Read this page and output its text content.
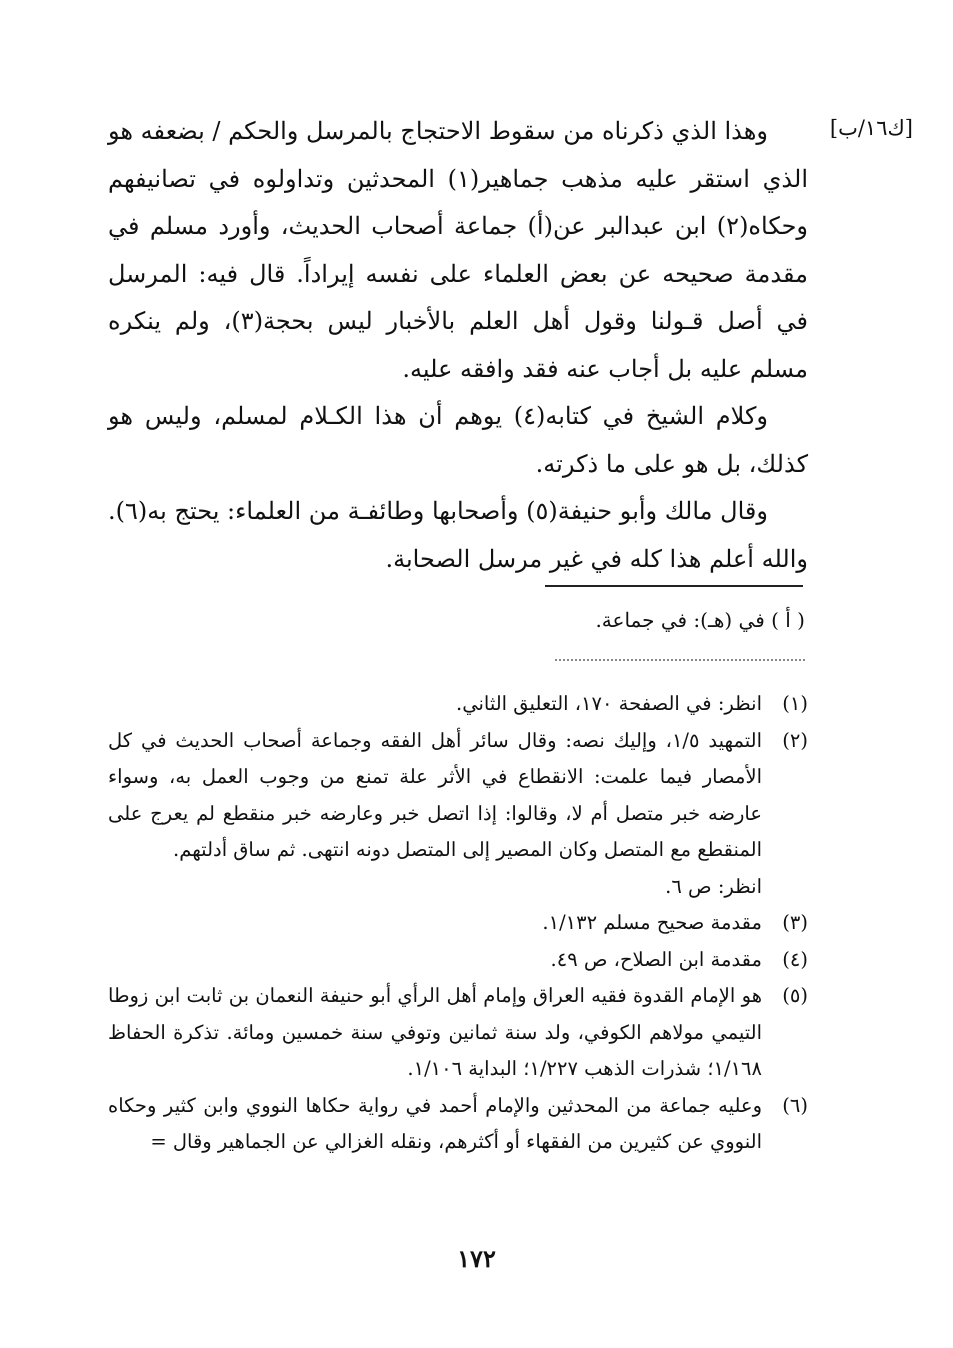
[ك١٦/ب]

وهذا الذي ذكرناه من سقوط الاحتجاج بالمرسل والحكم / بضعفه هو الذي استقر عليه مذهب جماهير(١) المحدثين وتداولوه في تصانيفهم وحكاه(٢) ابن عبدالبر عن(أ) جماعة أصحاب الحديث، وأورد مسلم في مقدمة صحيحه عن بعض العلماء على نفسه إيراداً. قال فيه: المرسل في أصل قـولنا وقول أهل العلم بالأخبار ليس بحجة(٣)، ولم ينكره مسلم عليه بل أجاب عنه فقد وافقه عليه.

وكلام الشيخ في كتابه(٤) يوهم أن هذا الكـلام لمسلم، وليس هو كذلك، بل هو على ما ذكرته.

وقال مالك وأبو حنيفة(٥) وأصحابها وطائفـة من العلماء: يحتج به(٦). والله أعلم هذا كله في غير مرسل الصحابة.

( أ ) في (هـ): في جماعة.
(١)
انظر: في الصفحة ١٧٠، التعليق الثاني.
(٢)
التمهيد ١/٥، وإليك نصه: وقال سائر أهل الفقه وجماعة أصحاب الحديث في كل الأمصار فيما علمت: الانقطاع في الأثر علة تمنع من وجوب العمل به، وسواء عارضه خبر متصل أم لا، وقالوا: إذا اتصل خبر وعارضه خبر منقطع لم يعرج على المنقطع مع المتصل وكان المصير إلى المتصل دونه انتهى. ثم ساق أدلتهم.
انظر: ص ٦.
(٣)
مقدمة صحيح مسلم ١/١٣٢.
(٤)
مقدمة ابن الصلاح، ص ٤٩.
(٥)
هو الإمام القدوة فقيه العراق وإمام أهل الرأي أبو حنيفة النعمان بن ثابت ابن زوطا التيمي مولاهم الكوفي، ولد سنة ثمانين وتوفي سنة خمسين ومائة. تذكرة الحفاظ ١/١٦٨؛ شذرات الذهب ١/٢٢٧؛ البداية ١/١٠٦.
(٦)
وعليه جماعة من المحدثين والإمام أحمد في رواية حكاها النووي وابن كثير وحكاه النووي عن كثيرين من الفقهاء أو أكثرهم، ونقله الغزالي عن الجماهير وقال =
١٧٢
